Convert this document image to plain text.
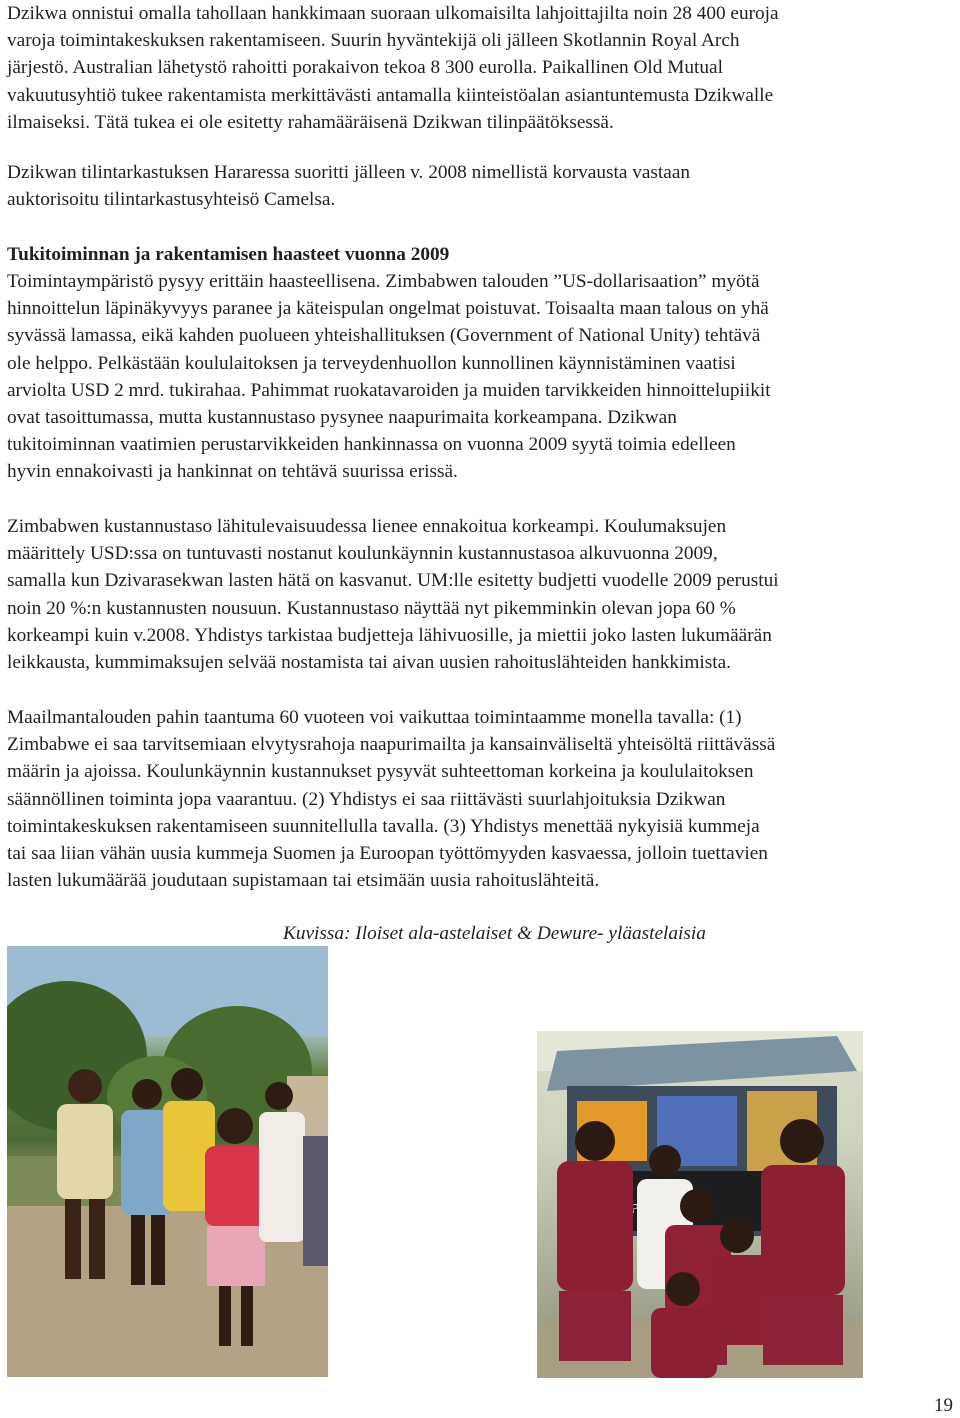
Dzikwa onnistui omalla tahollaan hankkimaan suoraan ulkomaisilta lahjoittajilta noin 28 400 euroja
varoja toimintakeskuksen rakentamiseen. Suurin hyväntekijä oli jälleen Skotlannin Royal Arch
järjestö. Australian lähetystö rahoitti porakaivon tekoa 8 300 eurolla. Paikallinen Old Mutual
vakuutusyhtiö tukee rakentamista merkittävästi antamalla kiinteistöalan asiantuntemusta Dzikwalle
ilmaiseksi. Tätä tukea ei ole esitetty rahamääräisenä Dzikwan tilinpäätöksessä.

Dzikwan tilintarkastuksen Hararessa suoritti jälleen v. 2008 nimellistä korvausta vastaan
auktorisoitu tilintarkastusyhteisö Camelsa.

Tukitoiminnan ja rakentamisen haasteet vuonna 2009

Toimintaympäristö pysyy erittäin haasteellisena. Zimbabwen talouden ”US-dollarisaation” myötä
hinnoittelun läpinäkyvyys paranee ja käteispulan ongelmat poistuvat. Toisaalta maan talous on yhä
syvässä lamassa, eikä kahden puolueen yhteishallituksen (Government of National Unity) tehtävä
ole helppo. Pelkästään koululaitoksen ja terveydenhuollon kunnollinen käynnistäminen vaatisi
arviolta USD 2 mrd. tukirahaa. Pahimmat ruokatavaroiden ja muiden tarvikkeiden hinnoittelupiikit
ovat tasoittumassa, mutta kustannustaso pysynee naapurimaita korkeampana. Dzikwan
tukitoiminnan vaatimien perustarvikkeiden hankinnassa on vuonna 2009 syytä toimia edelleen
hyvin ennakoivasti ja hankinnat on tehtävä suurissa erissä.

Zimbabwen kustannustaso lähitulevaisuudessa lienee ennakoitua korkeampi. Koulumaksujen
määrittely USD:ssa on tuntuvasti nostanut koulunkäynnin kustannustasoa alkuvuonna 2009,
samalla kun Dzivarasekwan lasten hätä on kasvanut. UM:lle esitetty budjetti vuodelle 2009 perustui
noin 20 %:n kustannusten nousuun. Kustannustaso näyttää nyt pikemminkin olevan jopa 60 %
korkeampi kuin v.2008. Yhdistys tarkistaa budjetteja lähivuosille, ja miettii joko lasten lukumäärän
leikkausta, kummimaksujen selvää nostamista tai aivan uusien rahoituslähteiden hankkimista.

Maailmantalouden pahin taantuma 60 vuoteen voi vaikuttaa toimintaamme monella tavalla: (1)
Zimbabwe ei saa tarvitsemiaan elvytysrahoja naapurimailta ja kansainväliseltä yhteisöltä riittävässä
määrin ja ajoissa. Koulunkäynnin kustannukset pysyvät suhteettoman korkeina ja koululaitoksen
säännöllinen toiminta jopa vaarantuu. (2) Yhdistys ei saa riittävästi suurlahjoituksia Dzikwan
toimintakeskuksen rakentamiseen suunnitellulla tavalla. (3) Yhdistys menettää nykyisiä kummeja
tai saa liian vähän uusia kummeja Suomen ja Euroopan työttömyyden kasvaessa, jolloin tuettavien
lasten lukumäärää joudutaan supistamaan tai etsimään uusia rahoituslähteitä.

Kuvissa: Iloiset ala-astelaiset & Dewure- yläastelaisia

19
